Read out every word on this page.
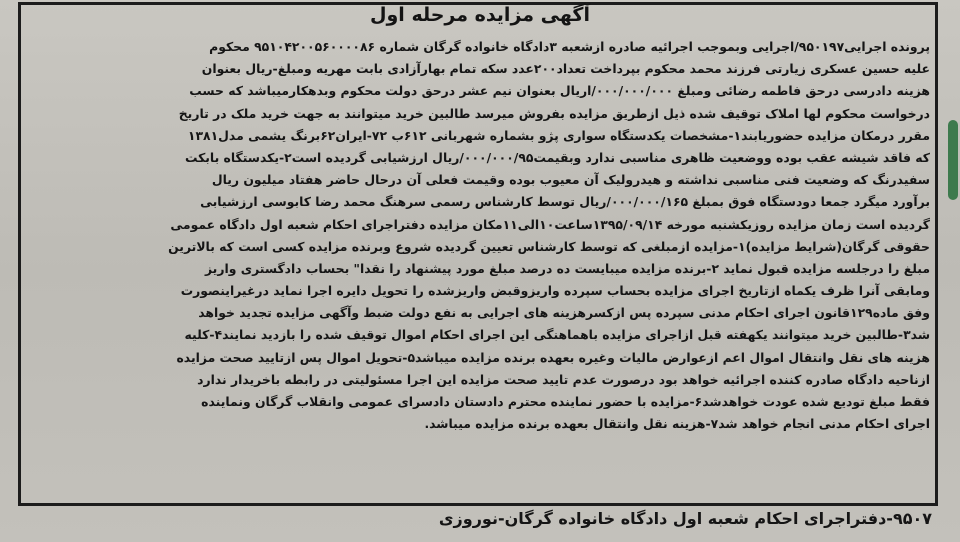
آگهی مزایده مرحله اول
پرونده اجرایی۹۵۰۱۹۷/اجرایی وبموجب اجرائیه صادره ازشعبه ۳دادگاه خانواده گرگان شماره ۹۵۱۰۴۲۰۰۵۶۰۰۰۰۸۶ محکوم
علیه حسین عسکری زیارتی فرزند محمد محکوم بپرداخت تعداد۲۰۰عدد سکه تمام بهارآزادی بابت مهریه ومبلغ-ریال بعنوان
هزینه دادرسی درحق فاطمه رضائی ومبلغ ۰۰۰/۰۰۰/۰۰۰/اریال بعنوان نیم عشر درحق دولت محکوم وبدهکارمیباشد که حسب
درخواست محکوم لها املاک توقیف شده ذیل ازطریق مزایده بفروش میرسد طالبین خرید میتوانند به جهت خرید ملک در تاریخ
مقرر درمکان مزایده حضوریابند۱-مشخصات یکدستگاه سواری پژو بشماره شهربانی ۶۱۲ب ۷۲-ایران۶۲برنگ یشمی مدل۱۳۸۱
که فاقد شیشه عقب بوده ووضعیت ظاهری مناسبی ندارد وبقیمت۰۰۰/۰۰۰/۹۵/ریال ارزشیابی گردیده است۲-یکدستگاه بابکت
سفیدرنگ که وضعیت فنی مناسبی نداشته و هیدرولیک آن معیوب بوده وقیمت فعلی آن درحال حاضر هفتاد میلیون ریال
برآورد میگرد جمعا دودستگاه فوق بمبلغ ۰۰۰/۰۰۰/۱۶۵/ریال توسط کارشناس رسمی سرهنگ محمد رضا کابوسی ارزشیابی
گردیده است زمان مزایده روزیکشنبه مورخه ۱۳۹۵/۰۹/۱۴ساعت۱۰الی۱۱مکان مزایده دفتراجرای احکام شعبه اول دادگاه عمومی
حقوقی گرگان(شرایط مزایده)۱-مزایده ازمبلغی که توسط کارشناس تعیین گردیده شروع وبرنده مزایده کسی است که بالاترین
مبلغ را درجلسه مزایده قبول نماید ۲-برنده مزایده میبایست ده درصد مبلغ مورد پیشنهاد را نقدا" بحساب دادگستری واریز
ومابقی آنرا ظرف یکماه ازتاریخ اجرای مزایده بحساب سپرده واریزوقبض واریزشده را تحویل دایره اجرا نماید درغیراینصورت
وفق ماده۱۲۹قانون اجرای احکام مدنی سپرده پس ازکسرهزینه های اجرایی به نفع دولت ضبط وآگهی مزایده تجدید خواهد
شد۳-طالبین خرید میتوانند یکهفته قبل ازاجرای مزایده باهماهنگی این اجرای احکام اموال توقیف شده را بازدید نمایند۴-کلیه
هزینه های نقل وانتقال اموال اعم ازعوارض مالیات وغیره بعهده برنده مزایده میباشد۵-تحویل اموال پس ازتایید صحت مزایده
ازناحیه دادگاه صادره کننده اجرائیه خواهد بود درصورت عدم تایید صحت مزایده این اجرا مسئولیتی در رابطه باخریدار ندارد
فقط مبلغ تودیع شده عودت خواهدشد۶-مزایده با حضور نماینده محترم دادستان دادسرای عمومی وانقلاب گرگان ونماینده
اجرای احکام مدنی انجام خواهد شد۷-هزینه نقل وانتقال بعهده برنده مزایده میباشد.
۹۵۰۷-دفتراجرای احکام شعبه اول دادگاه خانواده گرگان-نوروزی
